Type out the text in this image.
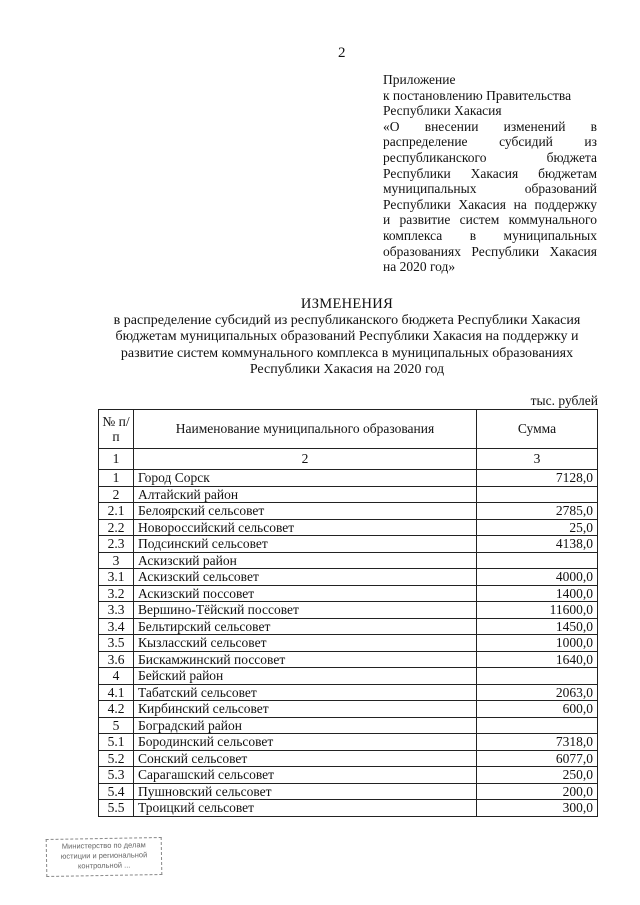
2
Приложение
к постановлению Правительства
Республики Хакасия
«О внесении изменений в
распределение субсидий из
республиканского бюджета
Республики Хакасия бюджетам
муниципальных образований
Республики Хакасия на поддержку
и развитие систем коммунального
комплекса в муниципальных
образованиях Республики Хакасия
на 2020 год»
ИЗМЕНЕНИЯ
в распределение субсидий из республиканского бюджета Республики Хакасия
бюджетам муниципальных образований Республики Хакасия на поддержку и
развитие систем коммунального комплекса в муниципальных образованиях
Республики Хакасия на 2020 год
тыс. рублей
№ п/п	Наименование муниципального образования	Сумма
1	2	3
1	Город Сорск	7128,0
2	Алтайский район	
2.1	Белоярский сельсовет	2785,0
2.2	Новороссийский сельсовет	25,0
2.3	Подсинский сельсовет	4138,0
3	Аскизский район	
3.1	Аскизский сельсовет	4000,0
3.2	Аскизский поссовет	1400,0
3.3	Вершино-Тёйский поссовет	11600,0
3.4	Бельтирский сельсовет	1450,0
3.5	Кызласский сельсовет	1000,0
3.6	Бискамжинский поссовет	1640,0
4	Бейский район	
4.1	Табатский сельсовет	2063,0
4.2	Кирбинский сельсовет	600,0
5	Боградский район	
5.1	Бородинский сельсовет	7318,0
5.2	Сонский сельсовет	6077,0
5.3	Сарагашский сельсовет	250,0
5.4	Пушновский сельсовет	200,0
5.5	Троицкий сельсовет	300,0
Министерство по делам
юстиции и региональной
контрольной ...
